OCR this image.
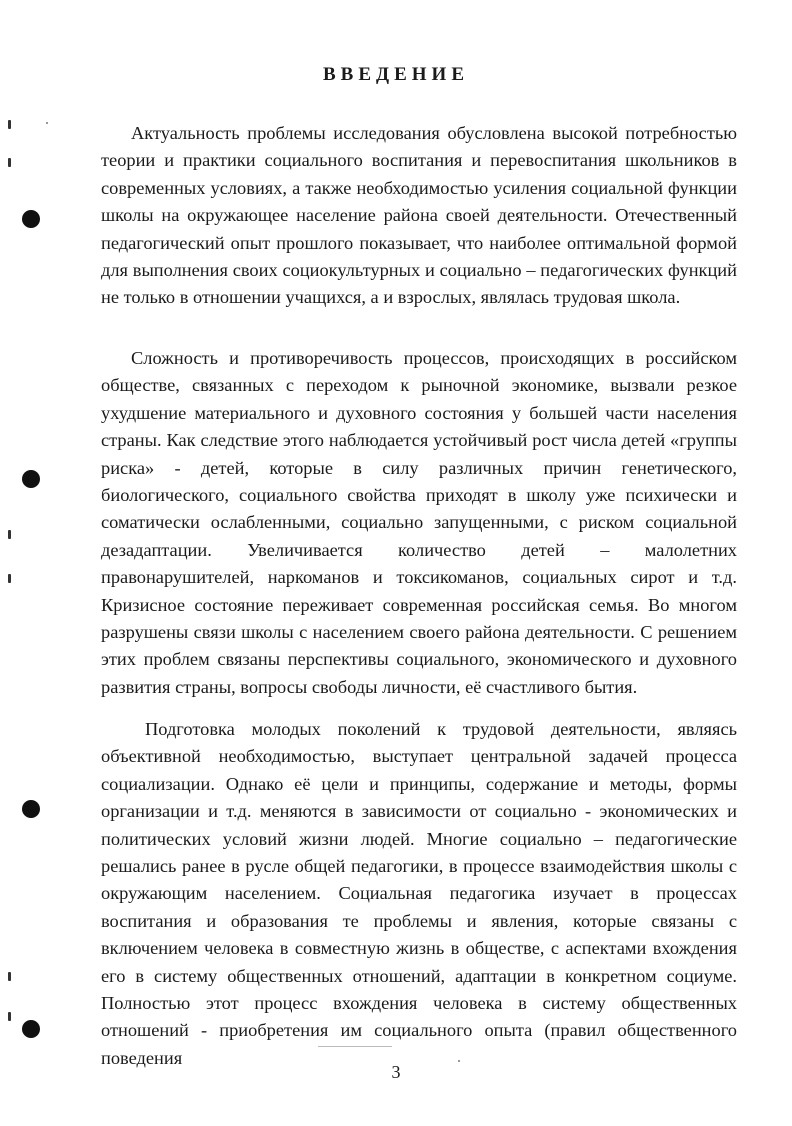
ВВЕДЕНИЕ

Актуальность проблемы исследования обусловлена высокой потребностью теории и практики социального воспитания и перевоспитания школьников в современных условиях, а также необходимостью усиления социальной функции школы на окружающее население района своей деятельности. Отечественный педагогический опыт прошлого показывает, что наиболее оптимальной формой для выполнения своих социокультурных и социально – педагогических функций не только в отношении учащихся, а и взрослых, являлась трудовая школа.

Сложность и противоречивость процессов, происходящих в российском обществе, связанных с переходом к рыночной экономике, вызвали резкое ухудшение материального и духовного состояния у большей части населения страны. Как следствие этого наблюдается устойчивый рост числа детей «группы риска» - детей, которые в силу различных причин генетического, биологического, социального свойства приходят в школу уже психически и соматически ослабленными, социально запущенными, с риском социальной дезадаптации. Увеличивается количество детей – малолетних правонарушителей, наркоманов и токсикоманов, социальных сирот и т.д. Кризисное состояние переживает современная российская семья. Во многом разрушены связи школы с населением своего района деятельности. С решением этих проблем связаны перспективы социального, экономического и духовного развития страны, вопросы свободы личности, её счастливого бытия.

Подготовка молодых поколений к трудовой деятельности, являясь объективной необходимостью, выступает центральной задачей процесса социализации. Однако её цели и принципы, содержание и методы, формы организации и т.д. меняются в зависимости от социально - экономических и политических условий жизни людей. Многие социально – педагогические решались ранее в русле общей педагогики, в процессе взаимодействия школы с окружающим населением. Социальная педагогика изучает в процессах воспитания и образования те проблемы и явления, которые связаны с включением человека в совместную жизнь в обществе, с аспектами вхождения его в систему общественных отношений, адаптации в конкретном социуме. Полностью этот процесс вхождения человека в систему общественных отношений - приобретения им социального опыта (правил общественного поведения

3
